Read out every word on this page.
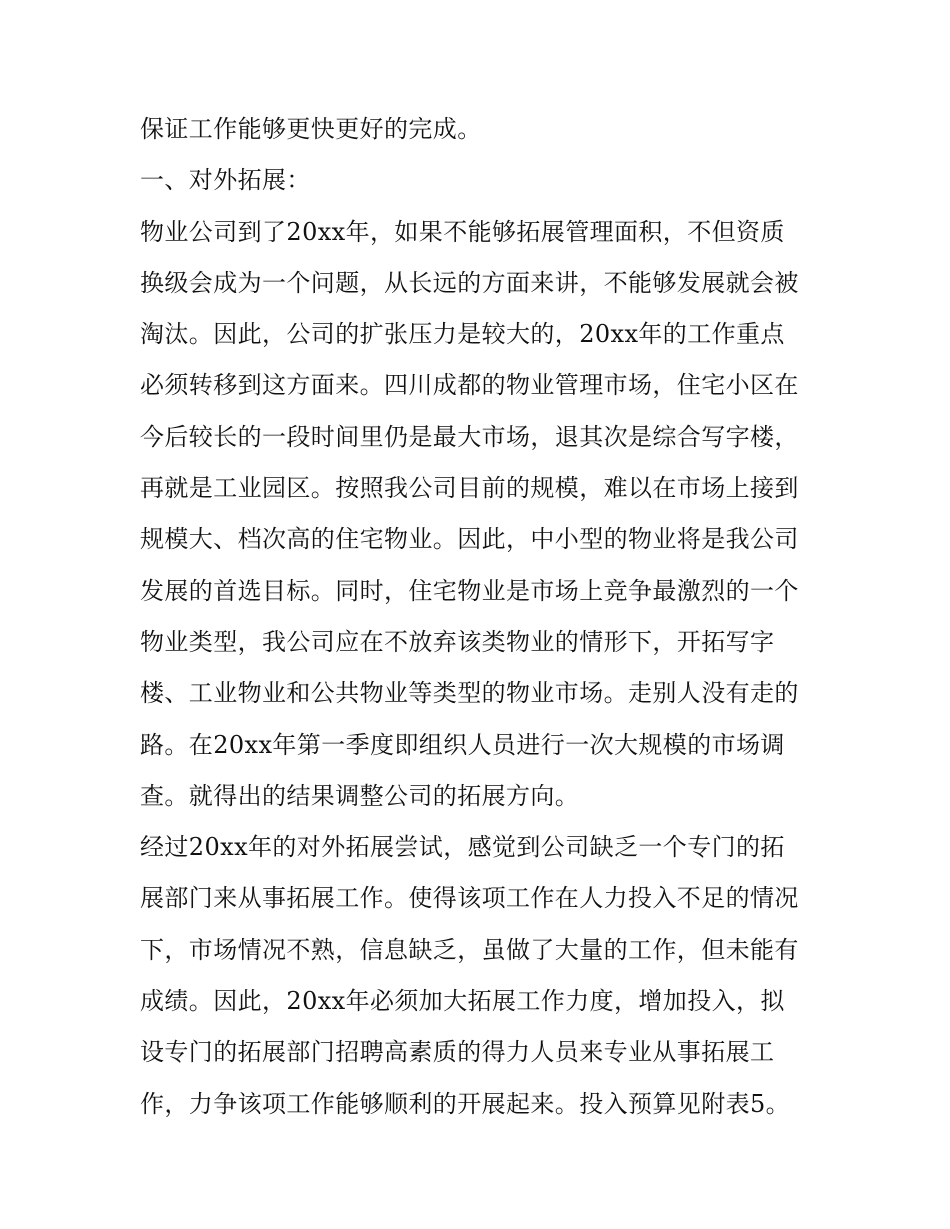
保证工作能够更快更好的完成。
一、对外拓展：
物业公司到了20xx年，如果不能够拓展管理面积，不但资质
换级会成为一个问题，从长远的方面来讲，不能够发展就会被
淘汰。因此，公司的扩张压力是较大的，20xx年的工作重点
必须转移到这方面来。四川成都的物业管理市场，住宅小区在
今后较长的一段时间里仍是最大市场，退其次是综合写字楼，
再就是工业园区。按照我公司目前的规模，难以在市场上接到
规模大、档次高的住宅物业。因此，中小型的物业将是我公司
发展的首选目标。同时，住宅物业是市场上竞争最激烈的一个
物业类型，我公司应在不放弃该类物业的情形下，开拓写字
楼、工业物业和公共物业等类型的物业市场。走别人没有走的
路。在20xx年第一季度即组织人员进行一次大规模的市场调
查。就得出的结果调整公司的拓展方向。
经过20xx年的对外拓展尝试，感觉到公司缺乏一个专门的拓
展部门来从事拓展工作。使得该项工作在人力投入不足的情况
下，市场情况不熟，信息缺乏，虽做了大量的工作，但未能有
成绩。因此，20xx年必须加大拓展工作力度，增加投入，拟
设专门的拓展部门招聘高素质的得力人员来专业从事拓展工
作，力争该项工作能够顺利的开展起来。投入预算见附表5。
